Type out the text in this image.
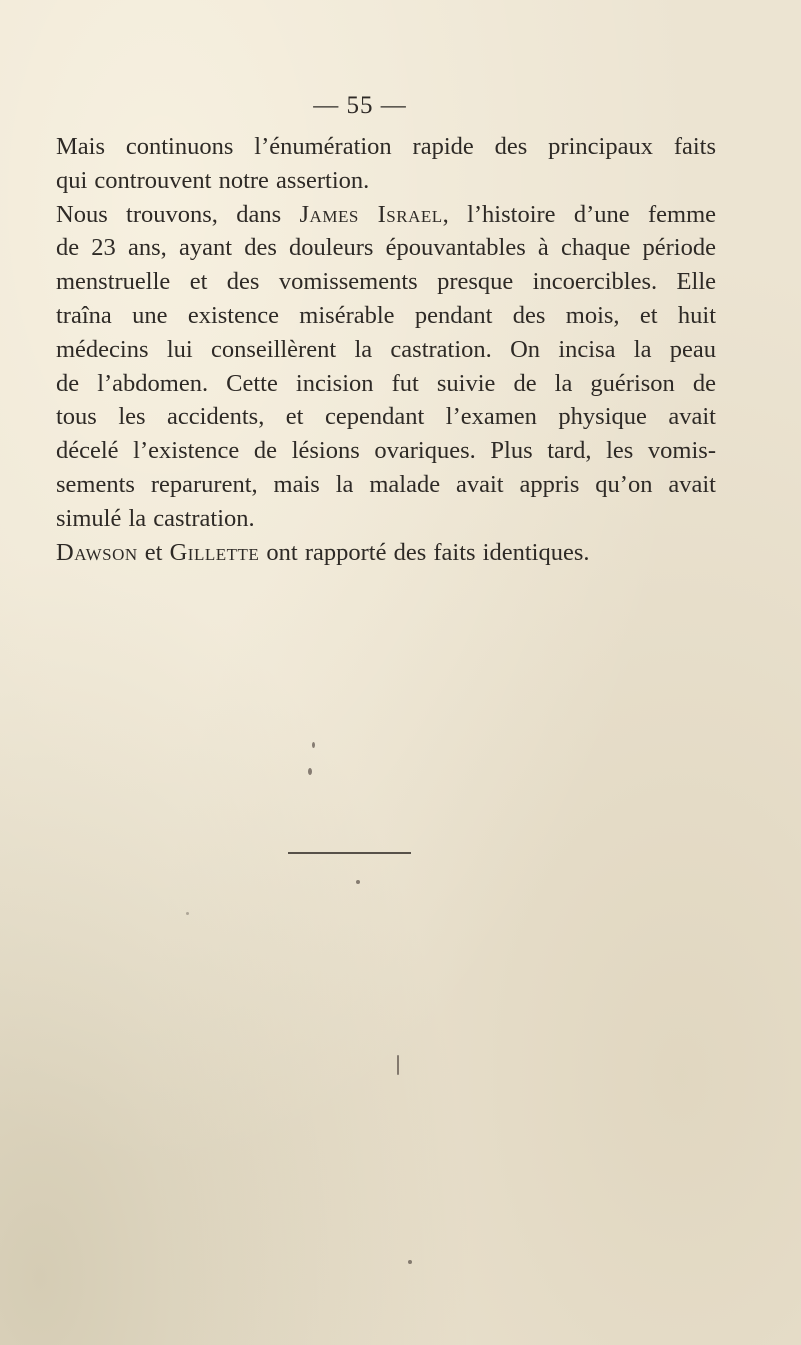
— 55 —

Mais continuons l’énumération rapide des principaux faits
qui controuvent notre assertion.

Nous trouvons, dans James Israel, l’histoire d’une femme
de 23 ans, ayant des douleurs épouvantables à chaque période
menstruelle et des vomissements presque incoercibles. Elle
traîna une existence misérable pendant des mois, et huit
médecins lui conseillèrent la castration. On incisa la peau
de l’abdomen. Cette incision fut suivie de la guérison de
tous les accidents, et cependant l’examen physique avait
décelé l’existence de lésions ovariques. Plus tard, les vomis-
sements reparurent, mais la malade avait appris qu’on avait
simulé la castration.

Dawson et Gillette ont rapporté des faits identiques.
